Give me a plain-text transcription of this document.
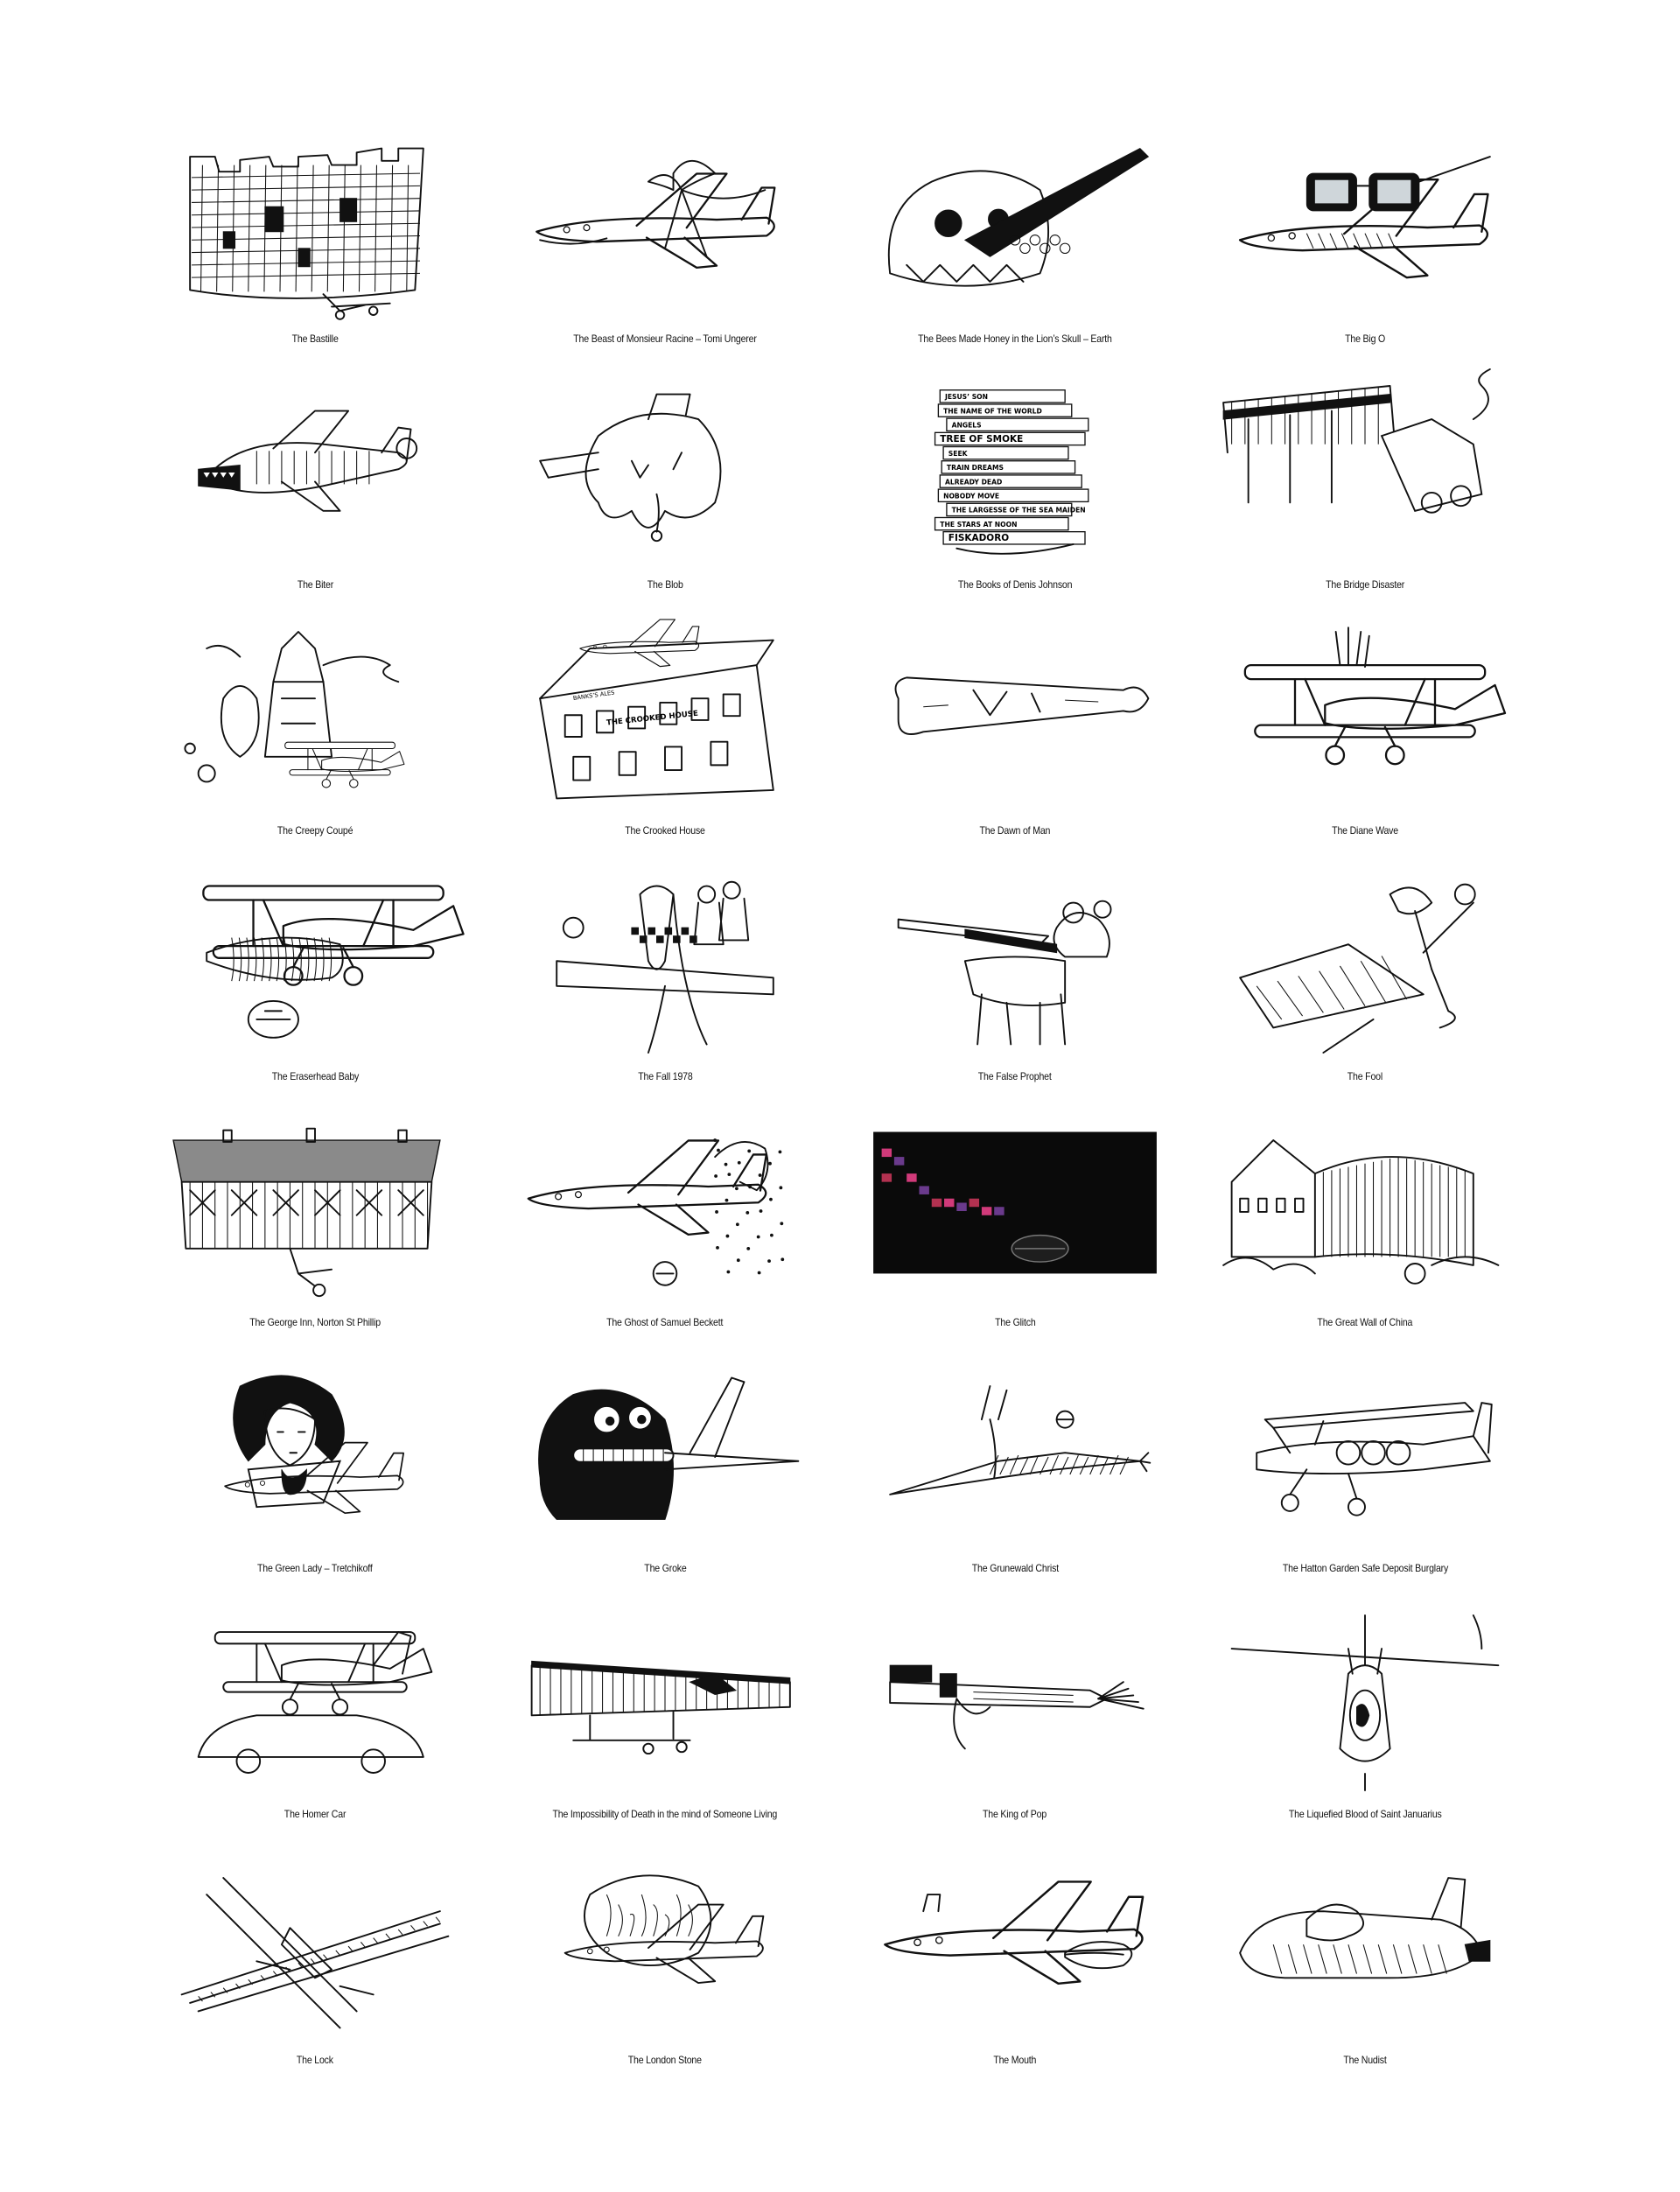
The Bastille	The Beast of Monsieur Racine – Tomi Ungerer	The Bees Made Honey in the Lion’s Skull – Earth	The Big O
The Biter	The Blob
JESUS’ SON
THE NAME OF THE WORLD
ANGELS
TREE OF SMOKE
SEEK
TRAIN DREAMS
ALREADY DEAD
NOBODY MOVE
THE LARGESSE OF THE SEA MAIDEN
THE STARS AT NOON
FISKADORO
The Books of Denis Johnson	The Bridge Disaster
The Creepy Coupé
THE CROOKED HOUSE
BANKS’S ALES
The Crooked House	The Dawn of Man	The Diane Wave
The Eraserhead Baby	The Fall 1978	The False Prophet	The Fool
The George Inn, Norton St Phillip	The Ghost of Samuel Beckett	The Glitch	The Great Wall of China
The Green Lady – Tretchikoff	The Groke	The Grunewald Christ	The Hatton Garden Safe Deposit Burglary
The Homer Car	The Impossibility of Death in the mind of Someone Living	The King of Pop	The Liquefied Blood of Saint Januarius
The Lock	The London Stone	The Mouth	The Nudist
